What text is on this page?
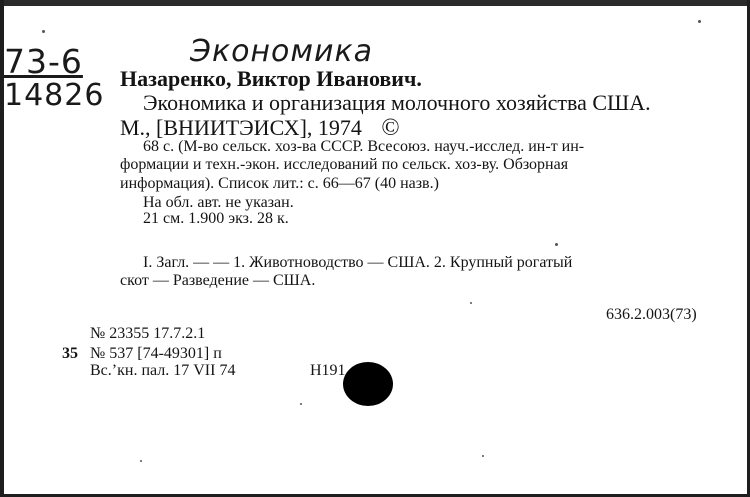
Экономика
73-6
14826 Назаренко, Виктор Иванович.
Экономика и организация молочного хозяйства США.
М., [ВНИИТЭИСХ], 1974 ©
68 с. (М-во сельск. хоз-ва СССР. Всесоюз. науч.-исслед. ин-т ин-
формации и техн.-экон. исследований по сельск. хоз-ву. Обзорная
информация). Список лит.: с. 66—67 (40 назв.)
На обл. авт. не указан.
21 см. 1.900 экз. 28 к.
I. Загл. — — 1. Животноводство — США. 2. Крупный рогатый
скот — Разведение — США.
636.2.003(73)
№ 23355 17.7.2.1
35 № 537 [74-49301] п
Вс.ʼкн. пал. 17 VII 74	Н191
